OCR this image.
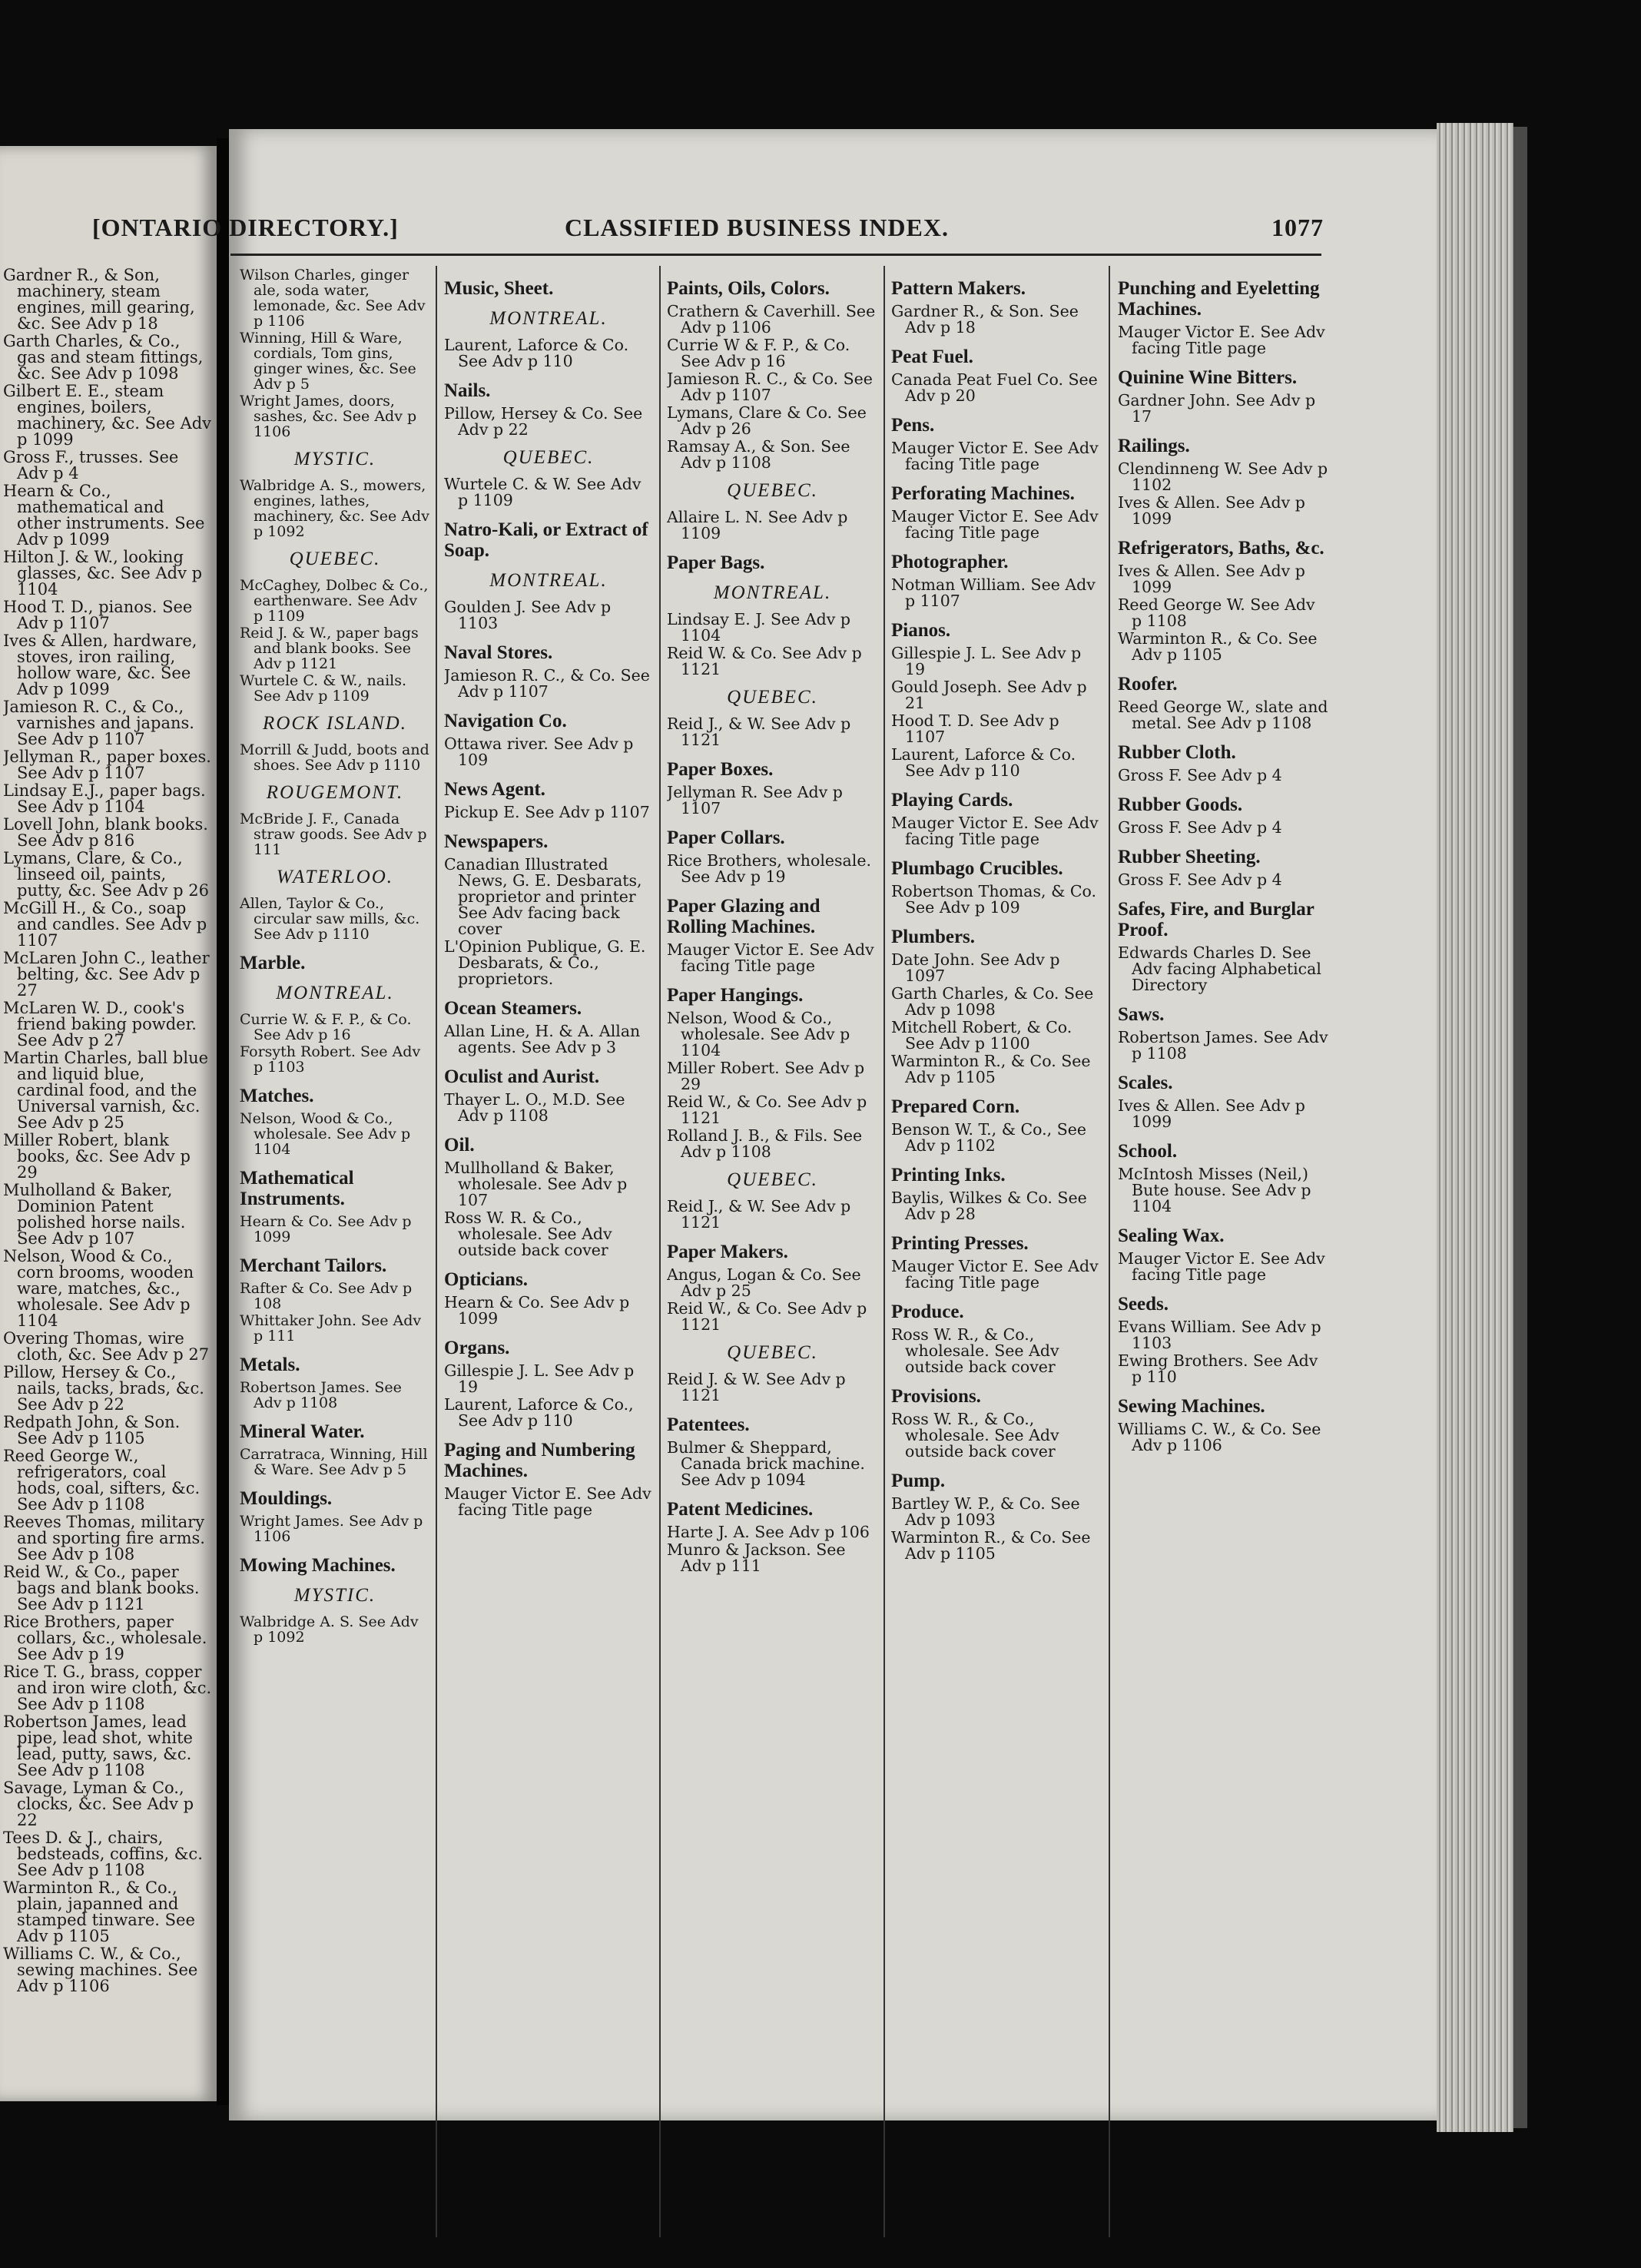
[ONTARIO DIRECTORY.]	CLASSIFIED BUSINESS INDEX.	1077
Gardner R., & Son, machinery, steam engines, mill gearing, &c. See Adv p 18
Garth Charles, & Co., gas and steam fittings, &c. See Adv p 1098
Gilbert E. E., steam engines, boilers, machinery, &c. See Adv p 1099
Gross F., trusses. See Adv p 4
Hearn & Co., mathematical and other instruments. See Adv p 1099
Hilton J. & W., looking glasses, &c. See Adv p 1104
Hood T. D., pianos. See Adv p 1107
Ives & Allen, hardware, stoves, iron railing, hollow ware, &c. See Adv p 1099
Jamieson R. C., & Co., varnishes and japans. See Adv p 1107
Jellyman R., paper boxes. See Adv p 1107
Lindsay E.J., paper bags. See Adv p 1104
Lovell John, blank books. See Adv p 816
Lymans, Clare, & Co., linseed oil, paints, putty, &c. See Adv p 26
McGill H., & Co., soap and candles. See Adv p 1107
McLaren John C., leather belting, &c. See Adv p 27
McLaren W. D., cook's friend baking powder. See Adv p 27
Martin Charles, ball blue and liquid blue, cardinal food, and the Universal varnish, &c. See Adv p 25
Miller Robert, blank books, &c. See Adv p 29
Mulholland & Baker, Dominion Patent polished horse nails. See Adv p 107
Nelson, Wood & Co., corn brooms, wooden ware, matches, &c., wholesale. See Adv p 1104
Overing Thomas, wire cloth, &c. See Adv p 27
Pillow, Hersey & Co., nails, tacks, brads, &c. See Adv p 22
Redpath John, & Son. See Adv p 1105
Reed George W., refrigerators, coal hods, coal, sifters, &c. See Adv p 1108
Reeves Thomas, military and sporting fire arms. See Adv p 108
Reid W., & Co., paper bags and blank books. See Adv p 1121
Rice Brothers, paper collars, &c., wholesale. See Adv p 19
Rice T. G., brass, copper and iron wire cloth, &c. See Adv p 1108
Robertson James, lead pipe, lead shot, white lead, putty, saws, &c. See Adv p 1108
Savage, Lyman & Co., clocks, &c. See Adv p 22
Tees D. & J., chairs, bedsteads, coffins, &c. See Adv p 1108
Warminton R., & Co., plain, japanned and stamped tinware. See Adv p 1105
Williams C. W., & Co., sewing machines. See Adv p 1106
Wilson Charles, ginger ale, soda water, lemonade, &c. See Adv p 1106
Winning, Hill & Ware, cordials, Tom gins, ginger wines, &c. See Adv p 5
Wright James, doors, sashes, &c. See Adv p 1106
MYSTIC.
Walbridge A. S., mowers, engines, lathes, machinery, &c. See Adv p 1092
QUEBEC.
McCaghey, Dolbec & Co., earthenware. See Adv p 1109
Reid J. & W., paper bags and blank books. See Adv p 1121
Wurtele C. & W., nails. See Adv p 1109
ROCK ISLAND.
Morrill & Judd, boots and shoes. See Adv p 1110
ROUGEMONT.
McBride J. F., Canada straw goods. See Adv p 111
WATERLOO.
Allen, Taylor & Co., circular saw mills, &c. See Adv p 1110
Marble.
MONTREAL.
Currie W. & F. P., & Co. See Adv p 16
Forsyth Robert. See Adv p 1103
Matches.
Nelson, Wood & Co., wholesale. See Adv p 1104
Mathematical Instruments.
Hearn & Co. See Adv p 1099
Merchant Tailors.
Rafter & Co. See Adv p 108
Whittaker John. See Adv p 111
Metals.
Robertson James. See Adv p 1108
Mineral Water.
Carratraca, Winning, Hill & Ware. See Adv p 5
Mouldings.
Wright James. See Adv p 1106
Mowing Machines.
MYSTIC.
Walbridge A. S. See Adv p 1092
Music, Sheet.
MONTREAL.
Laurent, Laforce & Co. See Adv p 110
Nails.
Pillow, Hersey & Co. See Adv p 22
QUEBEC.
Wurtele C. & W. See Adv p 1109
Natro-Kali, or Extract of Soap.
MONTREAL.
Goulden J. See Adv p 1103
Naval Stores.
Jamieson R. C., & Co. See Adv p 1107
Navigation Co.
Ottawa river. See Adv p 109
News Agent.
Pickup E. See Adv p 1107
Newspapers.
Canadian Illustrated News, G. E. Desbarats, proprietor and printer See Adv facing back cover
L'Opinion Publique, G. E. Desbarats, & Co., proprietors.
Ocean Steamers.
Allan Line, H. & A. Allan agents. See Adv p 3
Oculist and Aurist.
Thayer L. O., M.D. See Adv p 1108
Oil.
Mullholland & Baker, wholesale. See Adv p 107
Ross W. R. & Co., wholesale. See Adv outside back cover
Opticians.
Hearn & Co. See Adv p 1099
Organs.
Gillespie J. L. See Adv p 19
Laurent, Laforce & Co., See Adv p 110
Paging and Numbering Machines.
Mauger Victor E. See Adv facing Title page
Paints, Oils, Colors.
Crathern & Caverhill. See Adv p 1106
Currie W & F. P., & Co. See Adv p 16
Jamieson R. C., & Co. See Adv p 1107
Lymans, Clare & Co. See Adv p 26
Ramsay A., & Son. See Adv p 1108
QUEBEC.
Allaire L. N. See Adv p 1109
Paper Bags.
MONTREAL.
Lindsay E. J. See Adv p 1104
Reid W. & Co. See Adv p 1121
QUEBEC.
Reid J., & W. See Adv p 1121
Paper Boxes.
Jellyman R. See Adv p 1107
Paper Collars.
Rice Brothers, wholesale. See Adv p 19
Paper Glazing and Rolling Machines.
Mauger Victor E. See Adv facing Title page
Paper Hangings.
Nelson, Wood & Co., wholesale. See Adv p 1104
Miller Robert. See Adv p 29
Reid W., & Co. See Adv p 1121
Rolland J. B., & Fils. See Adv p 1108
QUEBEC.
Reid J., & W. See Adv p 1121
Paper Makers.
Angus, Logan & Co. See Adv p 25
Reid W., & Co. See Adv p 1121
QUEBEC.
Reid J. & W. See Adv p 1121
Patentees.
Bulmer & Sheppard, Canada brick machine. See Adv p 1094
Patent Medicines.
Harte J. A. See Adv p 106
Munro & Jackson. See Adv p 111
Pattern Makers.
Gardner R., & Son. See Adv p 18
Peat Fuel.
Canada Peat Fuel Co. See Adv p 20
Pens.
Mauger Victor E. See Adv facing Title page
Perforating Machines.
Mauger Victor E. See Adv facing Title page
Photographer.
Notman William. See Adv p 1107
Pianos.
Gillespie J. L. See Adv p 19
Gould Joseph. See Adv p 21
Hood T. D. See Adv p 1107
Laurent, Laforce & Co. See Adv p 110
Playing Cards.
Mauger Victor E. See Adv facing Title page
Plumbago Crucibles.
Robertson Thomas, & Co. See Adv p 109
Plumbers.
Date John. See Adv p 1097
Garth Charles, & Co. See Adv p 1098
Mitchell Robert, & Co. See Adv p 1100
Warminton R., & Co. See Adv p 1105
Prepared Corn.
Benson W. T., & Co., See Adv p 1102
Printing Inks.
Baylis, Wilkes & Co. See Adv p 28
Printing Presses.
Mauger Victor E. See Adv facing Title page
Produce.
Ross W. R., & Co., wholesale. See Adv outside back cover
Provisions.
Ross W. R., & Co., wholesale. See Adv outside back cover
Pump.
Bartley W. P., & Co. See Adv p 1093
Warminton R., & Co. See Adv p 1105
Punching and Eyeletting Machines.
Mauger Victor E. See Adv facing Title page
Quinine Wine Bitters.
Gardner John. See Adv p 17
Railings.
Clendinneng W. See Adv p 1102
Ives & Allen. See Adv p 1099
Refrigerators, Baths, &c.
Ives & Allen. See Adv p 1099
Reed George W. See Adv p 1108
Warminton R., & Co. See Adv p 1105
Roofer.
Reed George W., slate and metal. See Adv p 1108
Rubber Cloth.
Gross F. See Adv p 4
Rubber Goods.
Gross F. See Adv p 4
Rubber Sheeting.
Gross F. See Adv p 4
Safes, Fire, and Burglar Proof.
Edwards Charles D. See Adv facing Alphabetical Directory
Saws.
Robertson James. See Adv p 1108
Scales.
Ives & Allen. See Adv p 1099
School.
McIntosh Misses (Neil,) Bute house. See Adv p 1104
Sealing Wax.
Mauger Victor E. See Adv facing Title page
Seeds.
Evans William. See Adv p 1103
Ewing Brothers. See Adv p 110
Sewing Machines.
Williams C. W., & Co. See Adv p 1106
